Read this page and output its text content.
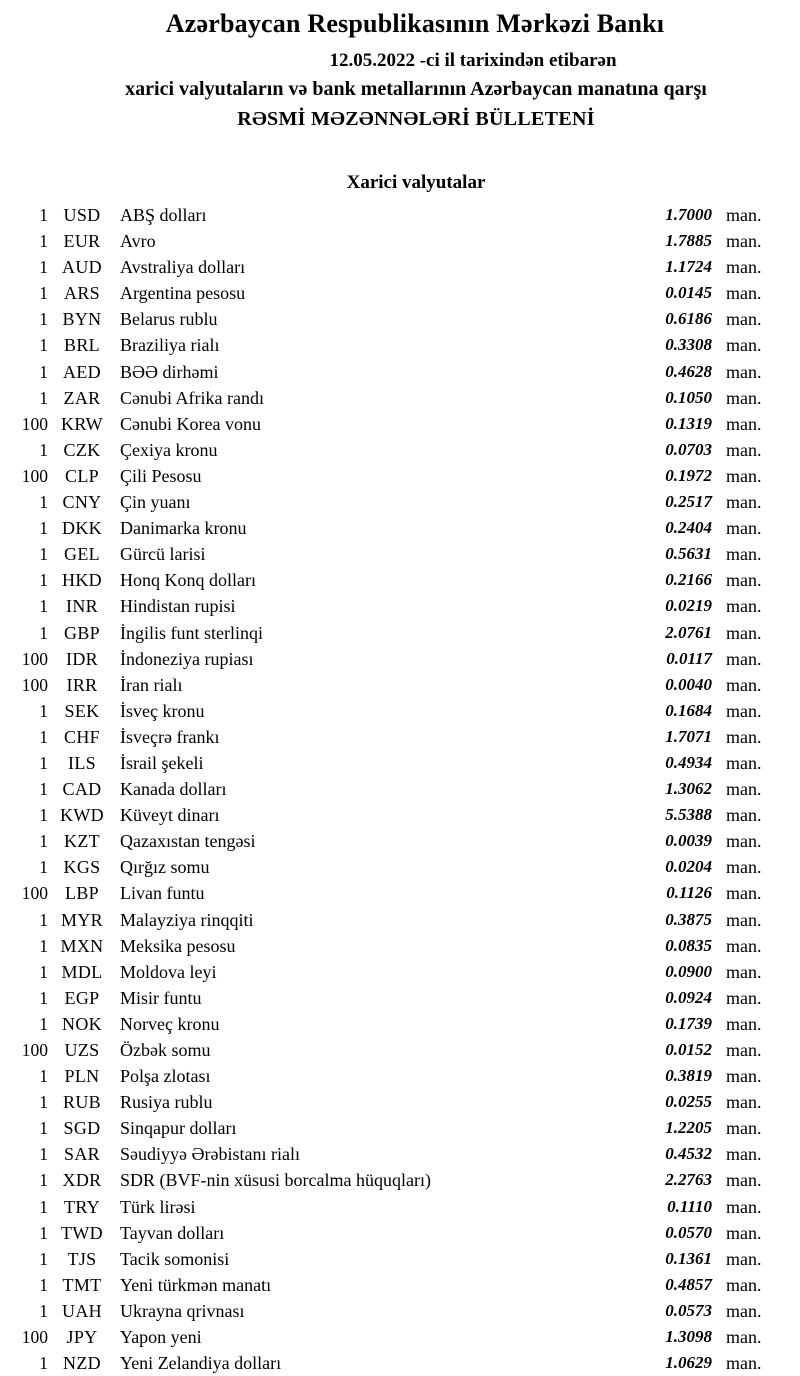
Azərbaycan Respublikasının Mərkəzi Bankı
12.05.2022 -ci il tarixindən etibarən
xarici valyutaların və bank metallarının Azərbaycan manatına qarşı
RƏSMİ MƏZƏNNƏLƏRİ BÜLLETENİ
Xarici valyutalar
1 USD	ABŞ dolları	1.7000 man.
1 EUR	Avro	1.7885 man.
1 AUD	Avstraliya dolları	1.1724 man.
1 ARS	Argentina pesosu	0.0145 man.
1 BYN	Belarus rublu	0.6186 man.
1 BRL	Braziliya rialı	0.3308 man.
1 AED	BƏƏ dirhəmi	0.4628 man.
1 ZAR	Cənubi Afrika randı	0.1050 man.
100 KRW Cənubi Korea vonu	0.1319 man.
1 CZK	Çexiya kronu	0.0703 man.
100 CLP	Çili Pesosu	0.1972 man.
1 CNY	Çin yuanı	0.2517 man.
1 DKK	Danimarka kronu	0.2404 man.
1 GEL	Gürcü larisi	0.5631 man.
1 HKD	Honq Konq dolları	0.2166 man.
1	INR	Hindistan rupisi	0.0219 man.
1 GBP	İngilis funt sterlinqi	2.0761 man.
100	IDR	İndoneziya rupiası	0.0117 man.
100	IRR	İran rialı	0.0040 man.
1 SEK	İsveç kronu	0.1684 man.
1 CHF	İsveçrə frankı	1.7071 man.
1	ILS	İsrail şekeli	0.4934 man.
1 CAD	Kanada dolları	1.3062 man.
1 KWD Küveyt dinarı	5.5388 man.
1 KZT	Qazaxıstan tengəsi	0.0039 man.
1 KGS	Qırğız somu	0.0204 man.
100 LBP	Livan funtu	0.1126 man.
1 MYR Malayziya rinqqiti	0.3875 man.
1 MXN Meksika pesosu	0.0835 man.
1 MDL Moldova leyi	0.0900 man.
1 EGP	Misir funtu	0.0924 man.
1 NOK	Norveç kronu	0.1739 man.
100 UZS	Özbək somu	0.0152 man.
1 PLN	Polşa zlotası	0.3819 man.
1 RUB	Rusiya rublu	0.0255 man.
1 SGD	Sinqapur dolları	1.2205 man.
1 SAR	Səudiyyə Ərəbistanı rialı	0.4532 man.
1 XDR	SDR (BVF-nin xüsusi borcalma hüquqları)	2.2763 man.
1 TRY	Türk lirəsi	0.1110 man.
1 TWD Tayvan dolları	0.0570 man.
1	TJS	Tacik somonisi	0.1361 man.
1 TMT	Yeni türkmən manatı	0.4857 man.
1 UAH	Ukrayna qrivnası	0.0573 man.
100	JPY	Yapon yeni	1.3098 man.
1 NZD	Yeni Zelandiya dolları	1.0629 man.
